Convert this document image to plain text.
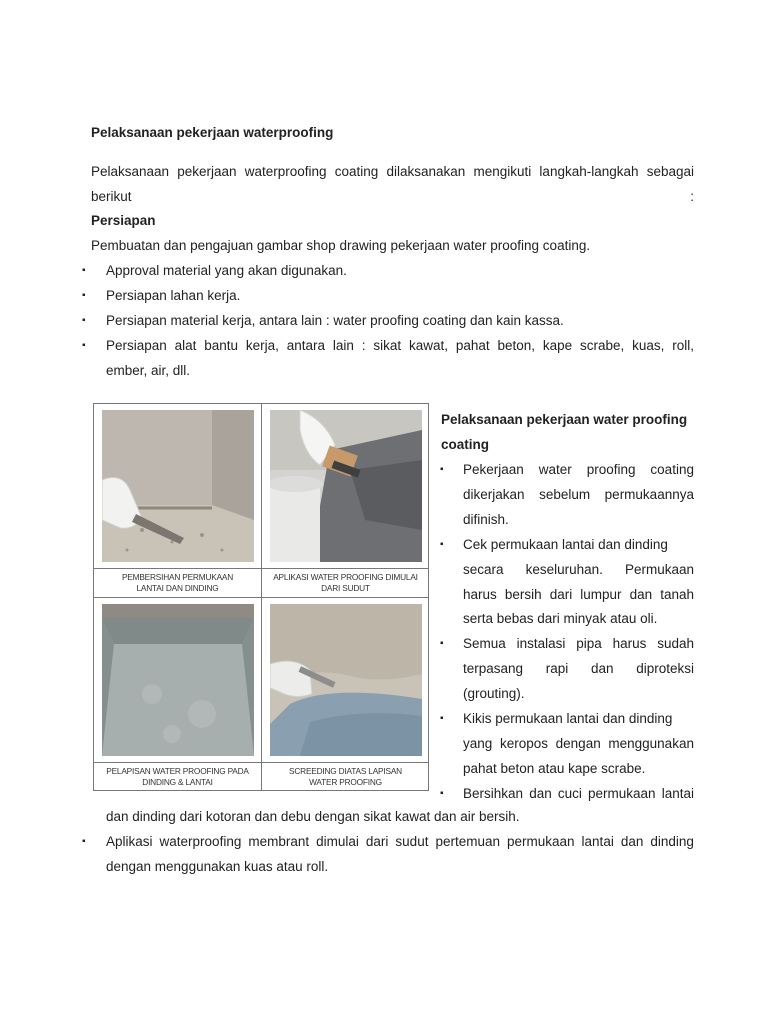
Pelaksanaan pekerjaan waterproofing
Pelaksanaan pekerjaan waterproofing coating dilaksanakan mengikuti langkah-langkah sebagai
berikut	:
Persiapan
Pembuatan dan pengajuan gambar shop drawing pekerjaan water proofing coating.
▪ Approval material yang akan digunakan.
▪ Persiapan lahan kerja.
▪ Persiapan material kerja, antara lain : water proofing coating dan kain kassa.
▪ Persiapan alat bantu kerja, antara lain : sikat kawat, pahat beton, kape scrabe, kuas, roll,
ember, air, dll.
PEMBERSIHAN PERMUKAAN
LANTAI DAN DINDING
APLIKASI WATER PROOFING DIMULAI
DARI SUDUT
PELAPISAN WATER PROOFING PADA
DINDING & LANTAI
SCREEDING DIATAS LAPISAN
WATER PROOFING
Pelaksanaan pekerjaan water proofing
coating
▪ Pekerjaan water proofing coating
dikerjakan sebelum permukaannya
difinish.
▪ Cek permukaan lantai dan dinding
secara keseluruhan. Permukaan
harus bersih dari lumpur dan tanah
serta bebas dari minyak atau oli.
▪ Semua instalasi pipa harus sudah
terpasang rapi dan diproteksi
(grouting).
▪ Kikis permukaan lantai dan dinding
yang keropos dengan menggunakan
pahat beton atau kape scrabe.
▪ Bersihkan dan cuci permukaan lantai
dan dinding dari kotoran dan debu dengan sikat kawat dan air bersih.
▪ Aplikasi waterproofing membrant dimulai dari sudut pertemuan permukaan lantai dan dinding
dengan menggunakan kuas atau roll.
